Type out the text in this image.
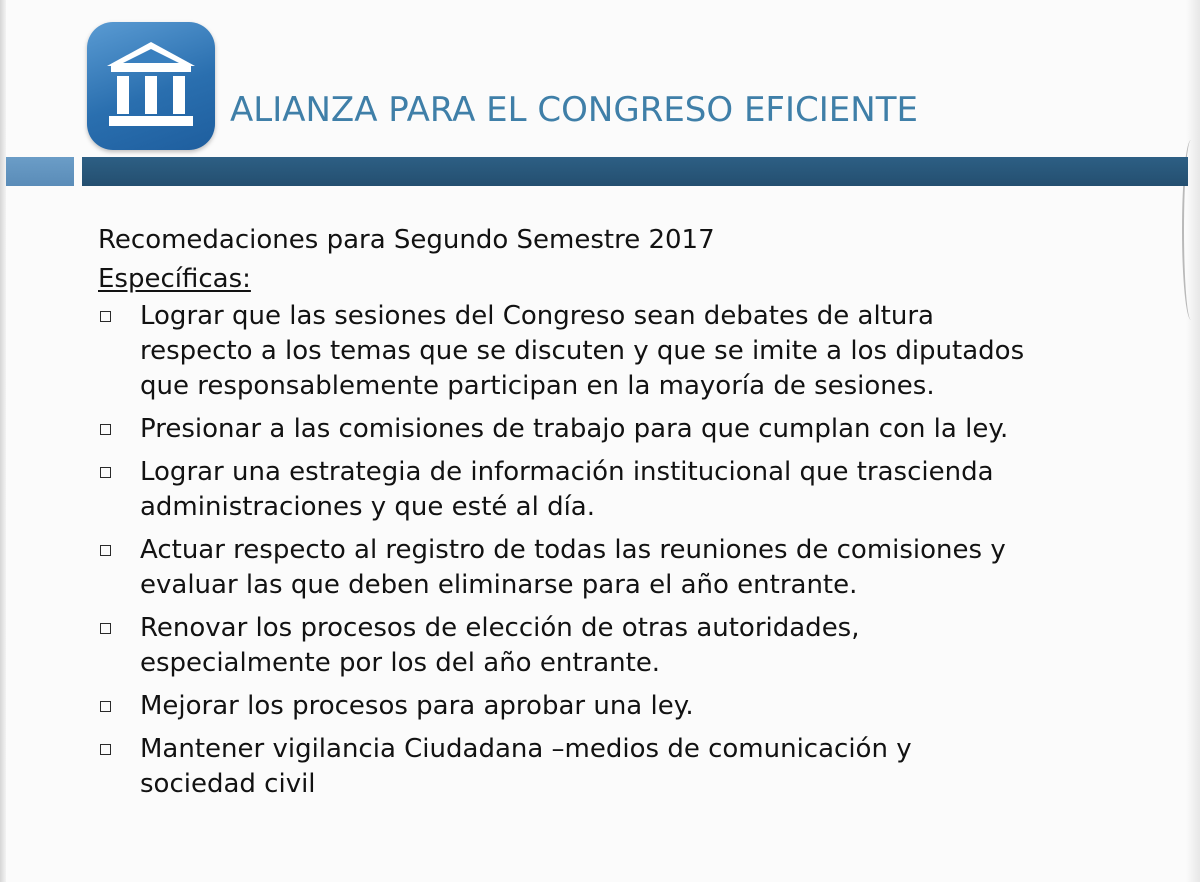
ALIANZA PARA EL CONGRESO EFICIENTE

Recomedaciones para Segundo Semestre 2017

Específicas:

Lograr que las sesiones del Congreso sean debates de altura
respecto a los temas que se discuten y que se imite a los diputados
que responsablemente participan en la mayoría de sesiones.
Presionar a las comisiones de trabajo para que cumplan con la ley.
Lograr una estrategia de información institucional que trascienda
administraciones y que esté al día.
Actuar respecto al registro de todas las reuniones de comisiones y
evaluar las que deben eliminarse para el año entrante.
Renovar los procesos de elección de otras autoridades,
especialmente por los del año entrante.
Mejorar los procesos para aprobar una ley.
Mantener vigilancia Ciudadana –medios de comunicación y
sociedad civil
